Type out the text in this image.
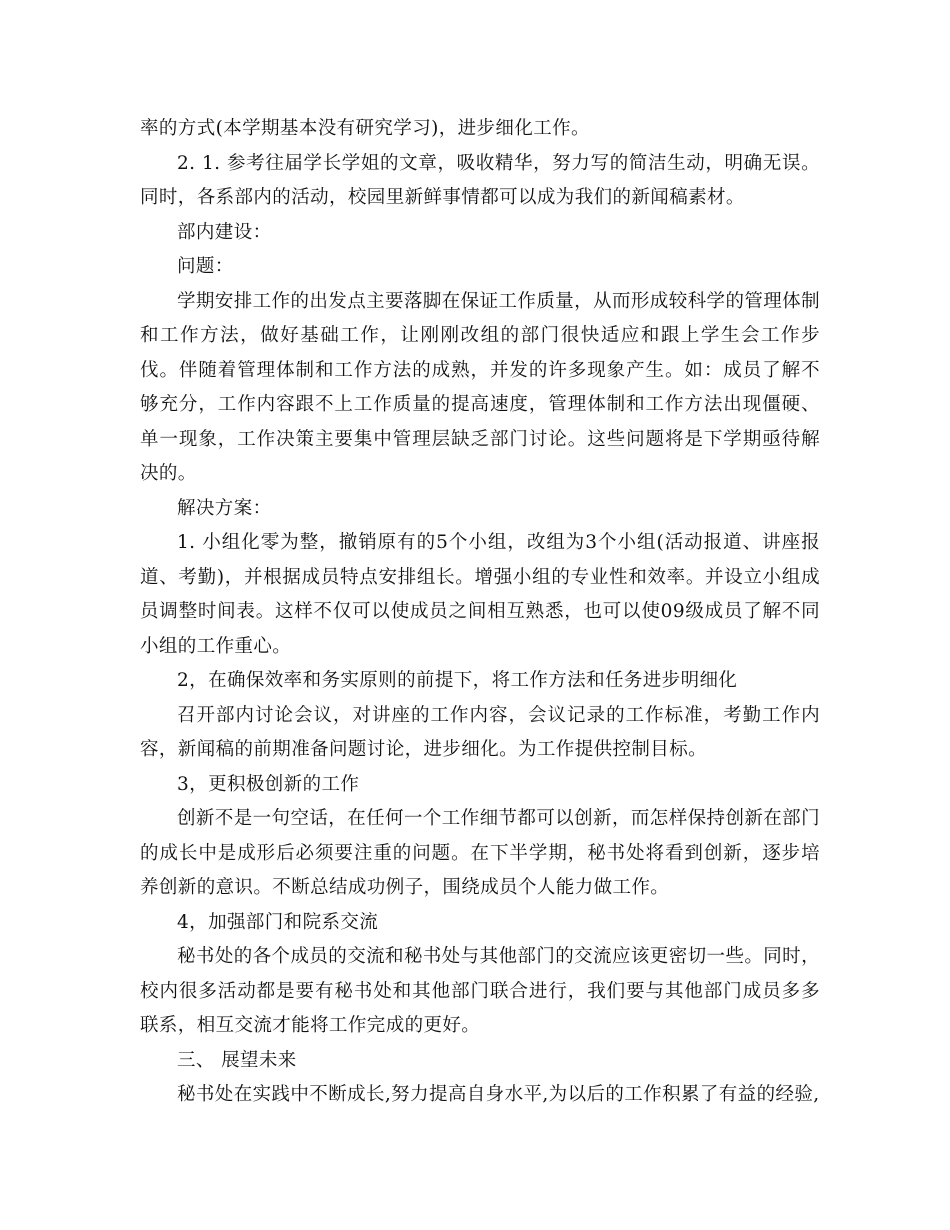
率的方式(本学期基本没有研究学习)，进步细化工作。

2. 1. 参考往届学长学姐的文章，吸收精华，努力写的简洁生动，明确无误。同时，各系部内的活动，校园里新鲜事情都可以成为我们的新闻稿素材。

部内建设：

问题：

学期安排工作的出发点主要落脚在保证工作质量，从而形成较科学的管理体制和工作方法，做好基础工作，让刚刚改组的部门很快适应和跟上学生会工作步伐。伴随着管理体制和工作方法的成熟，并发的许多现象产生。如：成员了解不够充分，工作内容跟不上工作质量的提高速度，管理体制和工作方法出现僵硬、单一现象，工作决策主要集中管理层缺乏部门讨论。这些问题将是下学期亟待解决的。

解决方案：

1. 小组化零为整，撤销原有的5个小组，改组为3个小组(活动报道、讲座报道、考勤)，并根据成员特点安排组长。增强小组的专业性和效率。并设立小组成员调整时间表。这样不仅可以使成员之间相互熟悉，也可以使09级成员了解不同小组的工作重心。

2，在确保效率和务实原则的前提下，将工作方法和任务进步明细化

召开部内讨论会议，对讲座的工作内容，会议记录的工作标准，考勤工作内容，新闻稿的前期准备问题讨论，进步细化。为工作提供控制目标。

3，更积极创新的工作

创新不是一句空话，在任何一个工作细节都可以创新，而怎样保持创新在部门的成长中是成形后必须要注重的问题。在下半学期，秘书处将看到创新，逐步培养创新的意识。不断总结成功例子，围绕成员个人能力做工作。

4，加强部门和院系交流

秘书处的各个成员的交流和秘书处与其他部门的交流应该更密切一些。同时，校内很多活动都是要有秘书处和其他部门联合进行，我们要与其他部门成员多多联系，相互交流才能将工作完成的更好。

三、 展望未来

秘书处在实践中不断成长,努力提高自身水平,为以后的工作积累了有益的经验,
